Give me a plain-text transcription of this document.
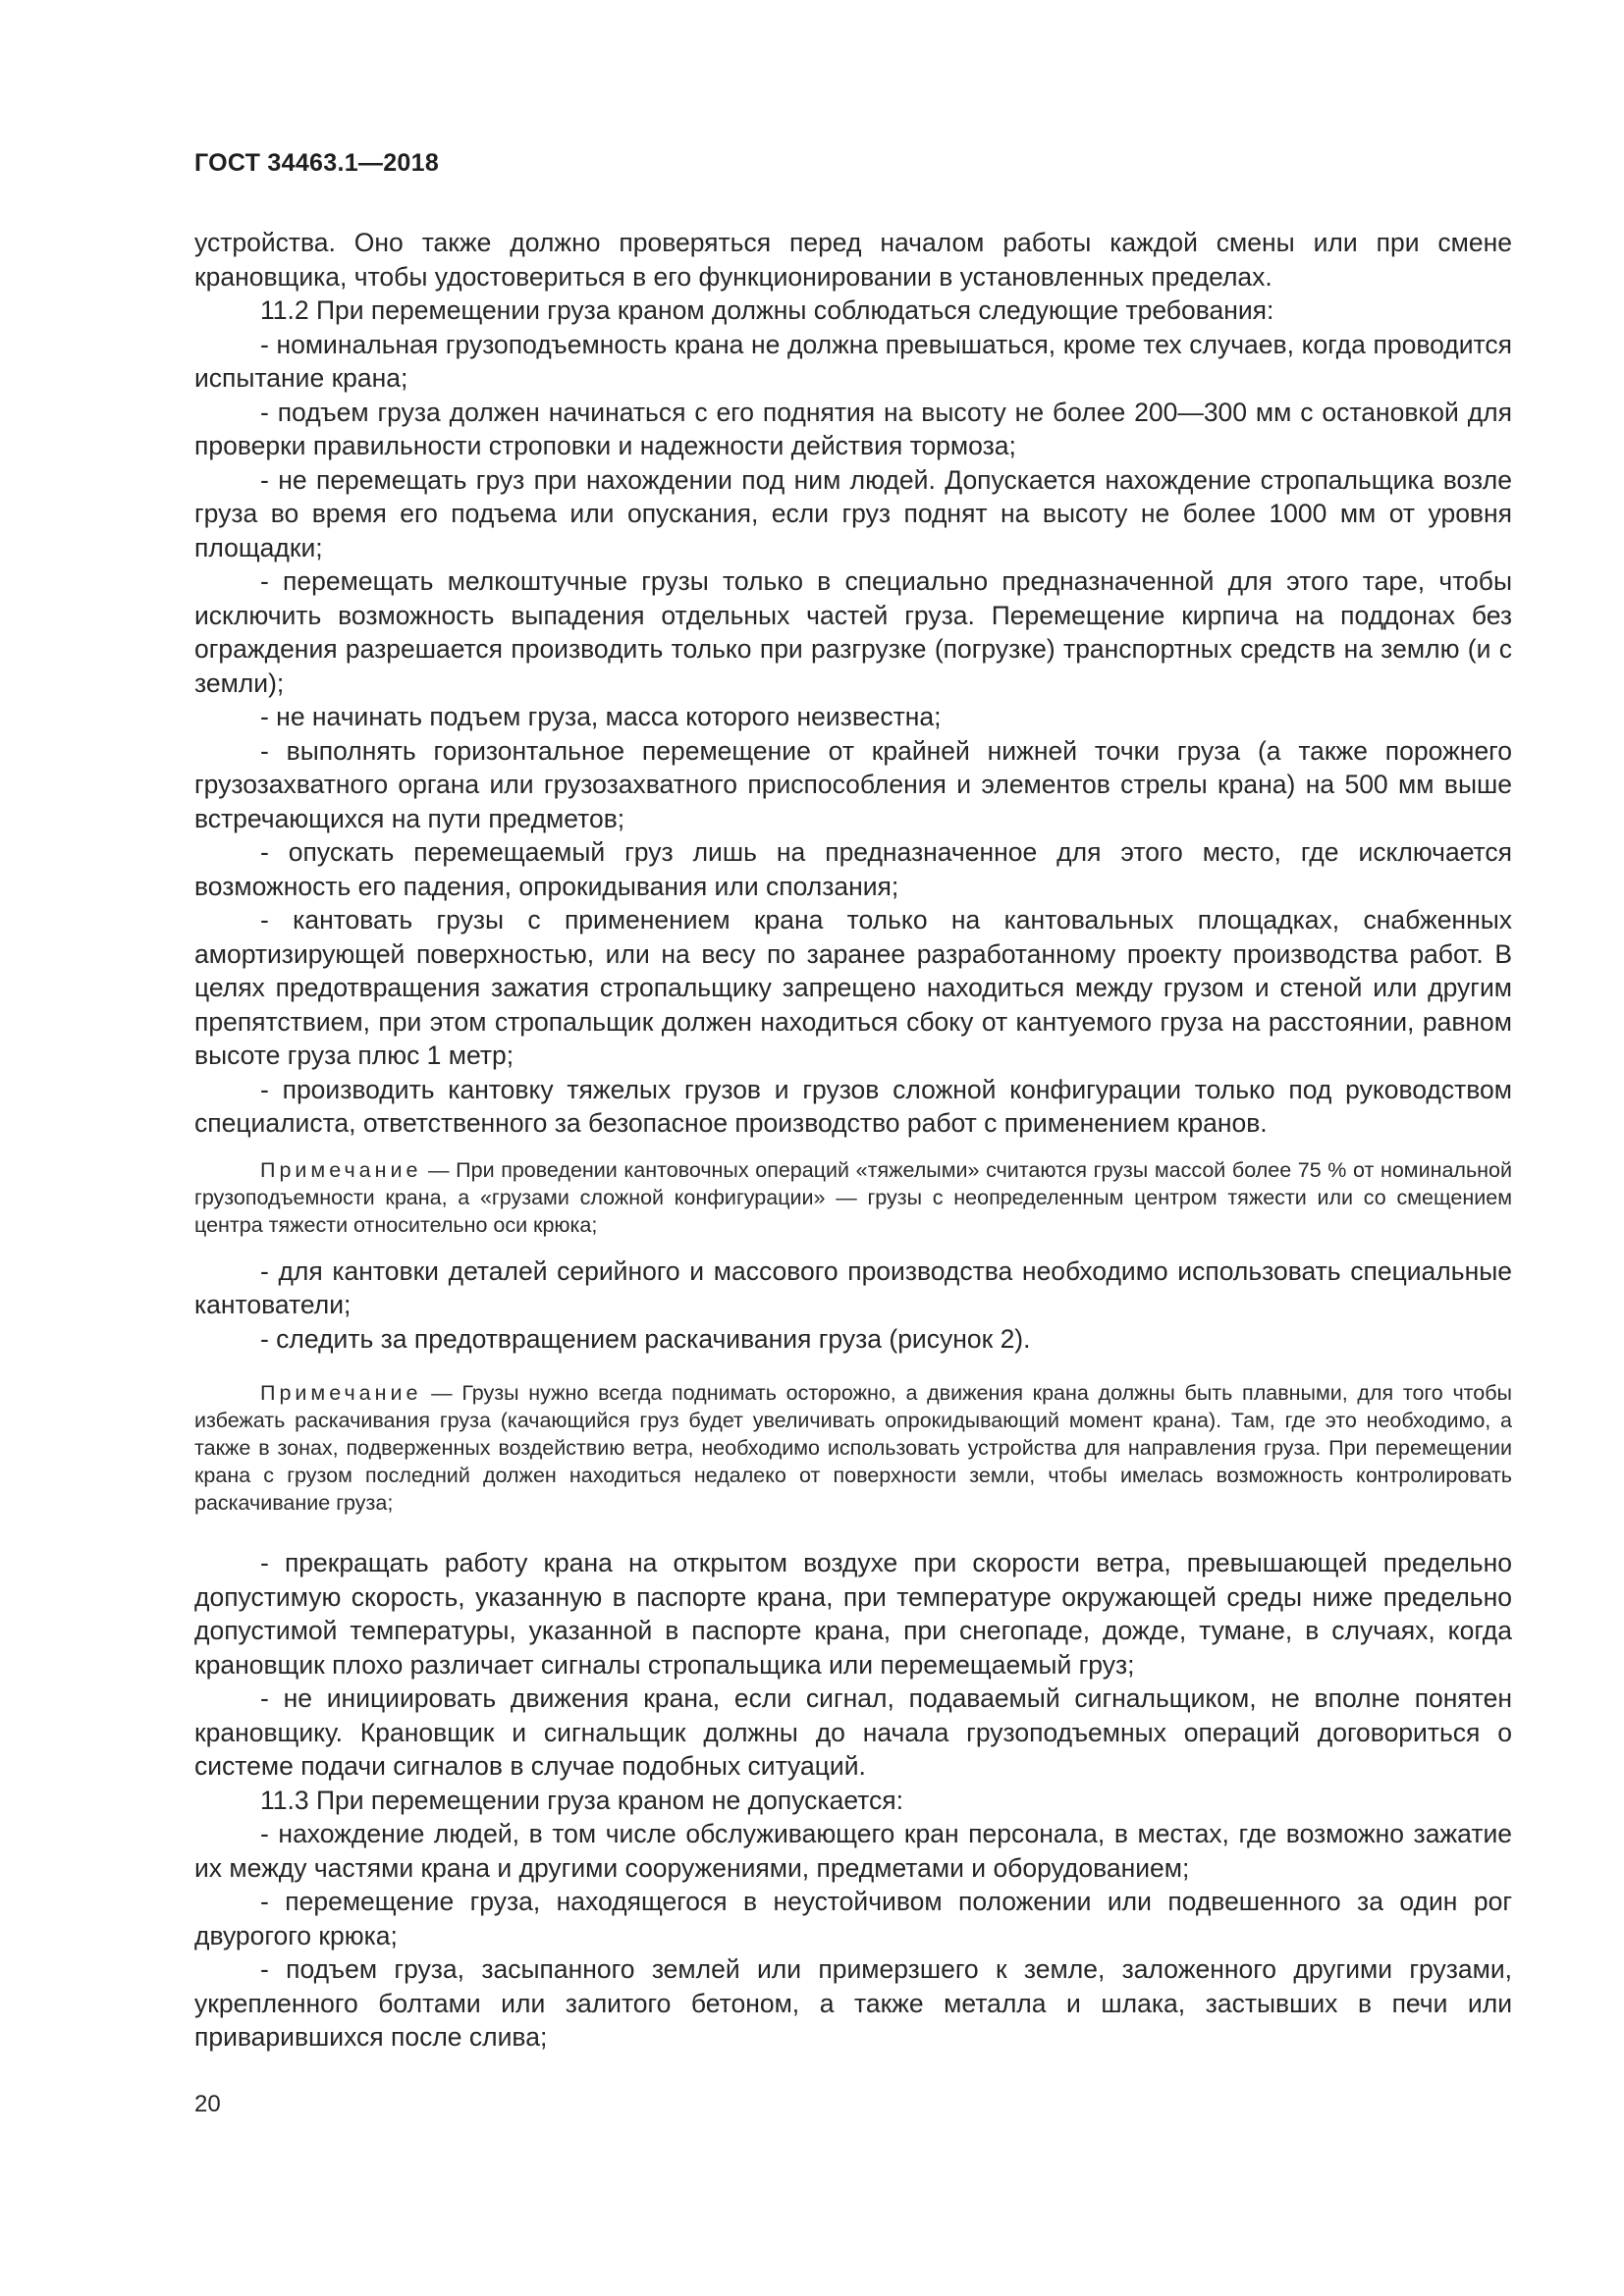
ГОСТ 34463.1—2018

устройства. Оно также должно проверяться перед началом работы каждой смены или при смене крановщика, чтобы удостовериться в его функционировании в установленных пределах.

11.2 При перемещении груза краном должны соблюдаться следующие требования:

- номинальная грузоподъемность крана не должна превышаться, кроме тех случаев, когда проводится испытание крана;

- подъем груза должен начинаться с его поднятия на высоту не более 200—300 мм с остановкой для проверки правильности строповки и надежности действия тормоза;

- не перемещать груз при нахождении под ним людей. Допускается нахождение стропальщика возле груза во время его подъема или опускания, если груз поднят на высоту не более 1000 мм от уровня площадки;

- перемещать мелкоштучные грузы только в специально предназначенной для этого таре, чтобы исключить возможность выпадения отдельных частей груза. Перемещение кирпича на поддонах без ограждения разрешается производить только при разгрузке (погрузке) транспортных средств на землю (и с земли);

- не начинать подъем груза, масса которого неизвестна;

- выполнять горизонтальное перемещение от крайней нижней точки груза (а также порожнего грузозахватного органа или грузозахватного приспособления и элементов стрелы крана) на 500 мм выше встречающихся на пути предметов;

- опускать перемещаемый груз лишь на предназначенное для этого место, где исключается возможность его падения, опрокидывания или сползания;

- кантовать грузы с применением крана только на кантовальных площадках, снабженных амортизирующей поверхностью, или на весу по заранее разработанному проекту производства работ. В целях предотвращения зажатия стропальщику запрещено находиться между грузом и стеной или другим препятствием, при этом стропальщик должен находиться сбоку от кантуемого груза на расстоянии, равном высоте груза плюс 1 метр;

- производить кантовку тяжелых грузов и грузов сложной конфигурации только под руководством специалиста, ответственного за безопасное производство работ с применением кранов.

Примечание — При проведении кантовочных операций «тяжелыми» считаются грузы массой более 75 % от номинальной грузоподъемности крана, а «грузами сложной конфигурации» — грузы с неопределенным центром тяжести или со смещением центра тяжести относительно оси крюка;

- для кантовки деталей серийного и массового производства необходимо использовать специальные кантователи;

- следить за предотвращением раскачивания груза (рисунок 2).

Примечание — Грузы нужно всегда поднимать осторожно, а движения крана должны быть плавными, для того чтобы избежать раскачивания груза (качающийся груз будет увеличивать опрокидывающий момент крана). Там, где это необходимо, а также в зонах, подверженных воздействию ветра, необходимо использовать устройства для направления груза. При перемещении крана с грузом последний должен находиться недалеко от поверхности земли, чтобы имелась возможность контролировать раскачивание груза;

- прекращать работу крана на открытом воздухе при скорости ветра, превышающей предельно допустимую скорость, указанную в паспорте крана, при температуре окружающей среды ниже предельно допустимой температуры, указанной в паспорте крана, при снегопаде, дожде, тумане, в случаях, когда крановщик плохо различает сигналы стропальщика или перемещаемый груз;

- не инициировать движения крана, если сигнал, подаваемый сигнальщиком, не вполне понятен крановщику. Крановщик и сигнальщик должны до начала грузоподъемных операций договориться о системе подачи сигналов в случае подобных ситуаций.

11.3 При перемещении груза краном не допускается:

- нахождение людей, в том числе обслуживающего кран персонала, в местах, где возможно зажатие их между частями крана и другими сооружениями, предметами и оборудованием;

- перемещение груза, находящегося в неустойчивом положении или подвешенного за один рог двурогого крюка;

- подъем груза, засыпанного землей или примерзшего к земле, заложенного другими грузами, укрепленного болтами или залитого бетоном, а также металла и шлака, застывших в печи или приварившихся после слива;

20
